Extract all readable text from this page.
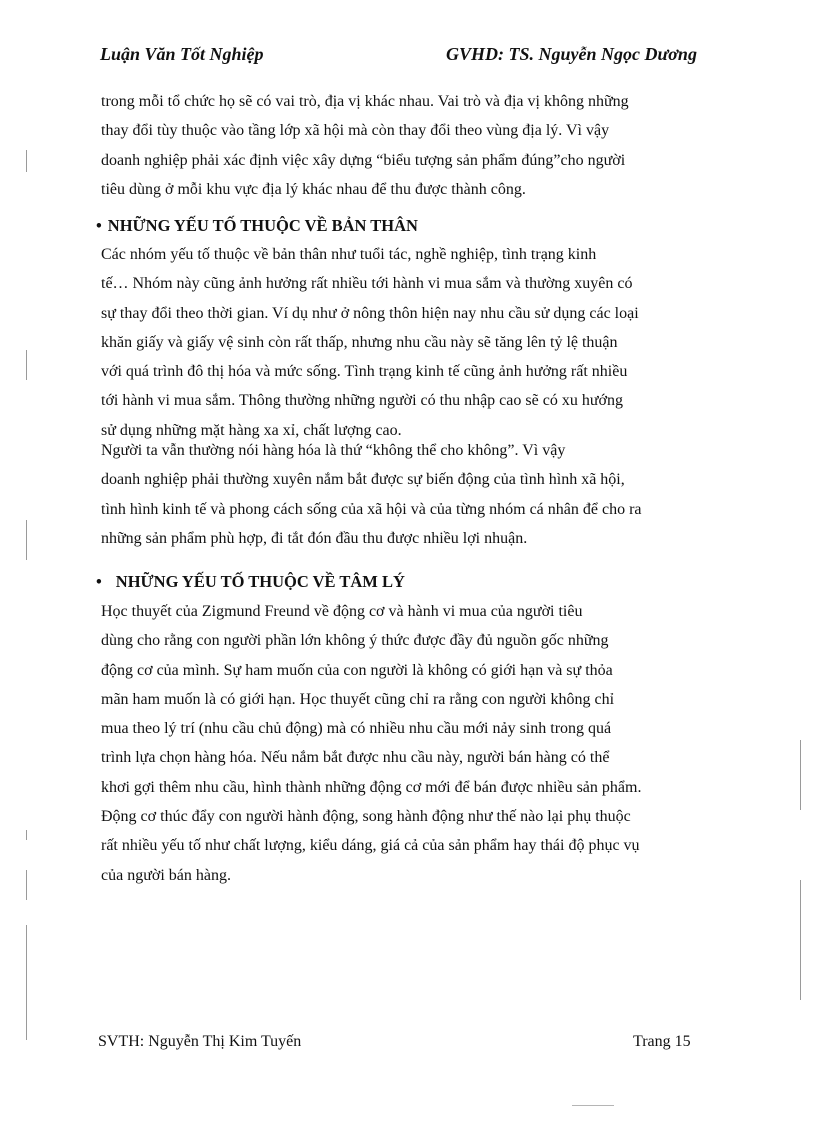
Luận Văn Tốt Nghiệp	GVHD: TS. Nguyễn Ngọc Dương

trong mỗi tổ chức họ sẽ có vai trò, địa vị khác nhau. Vai trò và địa vị không những
thay đổi tùy thuộc vào tầng lớp xã hội mà còn thay đổi theo vùng địa lý. Vì vậy
doanh nghiệp phải xác định việc xây dựng “biểu tượng sản phẩm đúng”cho người
tiêu dùng ở mỗi khu vực địa lý khác nhau để thu được thành công.

• NHỮNG YẾU TỐ THUỘC VỀ BẢN THÂN

Các nhóm yếu tố thuộc về bản thân như tuổi tác, nghề nghiệp, tình trạng kinh
tế… Nhóm này cũng ảnh hưởng rất nhiều tới hành vi mua sắm và thường xuyên có
sự thay đổi theo thời gian. Ví dụ như ở nông thôn hiện nay nhu cầu sử dụng các loại
khăn giấy và giấy vệ sinh còn rất thấp, nhưng nhu cầu này sẽ tăng lên tỷ lệ thuận
với quá trình đô thị hóa và mức sống. Tình trạng kinh tế cũng ảnh hưởng rất nhiều
tới hành vi mua sắm. Thông thường những người có thu nhập cao sẽ có xu hướng
sử dụng những mặt hàng xa xỉ, chất lượng cao.

Người ta vẫn thường nói hàng hóa là thứ “không thể cho không”. Vì vậy
doanh nghiệp phải thường xuyên nắm bắt được sự biến động của tình hình xã hội,
tình hình kinh tế và phong cách sống của xã hội và của từng nhóm cá nhân để cho ra
những sản phẩm phù hợp, đi tắt đón đầu thu được nhiều lợi nhuận.

• NHỮNG YẾU TỐ THUỘC VỀ TÂM LÝ

Học thuyết của Zigmund Freund về động cơ và hành vi mua của người tiêu
dùng cho rằng con người phần lớn không ý thức được đầy đủ nguồn gốc những
động cơ của mình. Sự ham muốn của con người là không có giới hạn và sự thỏa
mãn ham muốn là có giới hạn. Học thuyết cũng chỉ ra rằng con người không chỉ
mua theo lý trí (nhu cầu chủ động) mà có nhiều nhu cầu mới nảy sinh trong quá
trình lựa chọn hàng hóa. Nếu nắm bắt được nhu cầu này, người bán hàng có thể
khơi gợi thêm nhu cầu, hình thành những động cơ mới để bán được nhiều sản phẩm.
Động cơ thúc đẩy con người hành động, song hành động như thế nào lại phụ thuộc
rất nhiều yếu tố như chất lượng, kiểu dáng, giá cả của sản phẩm hay thái độ phục vụ
của người bán hàng.

SVTH: Nguyễn Thị Kim Tuyến	Trang 15
